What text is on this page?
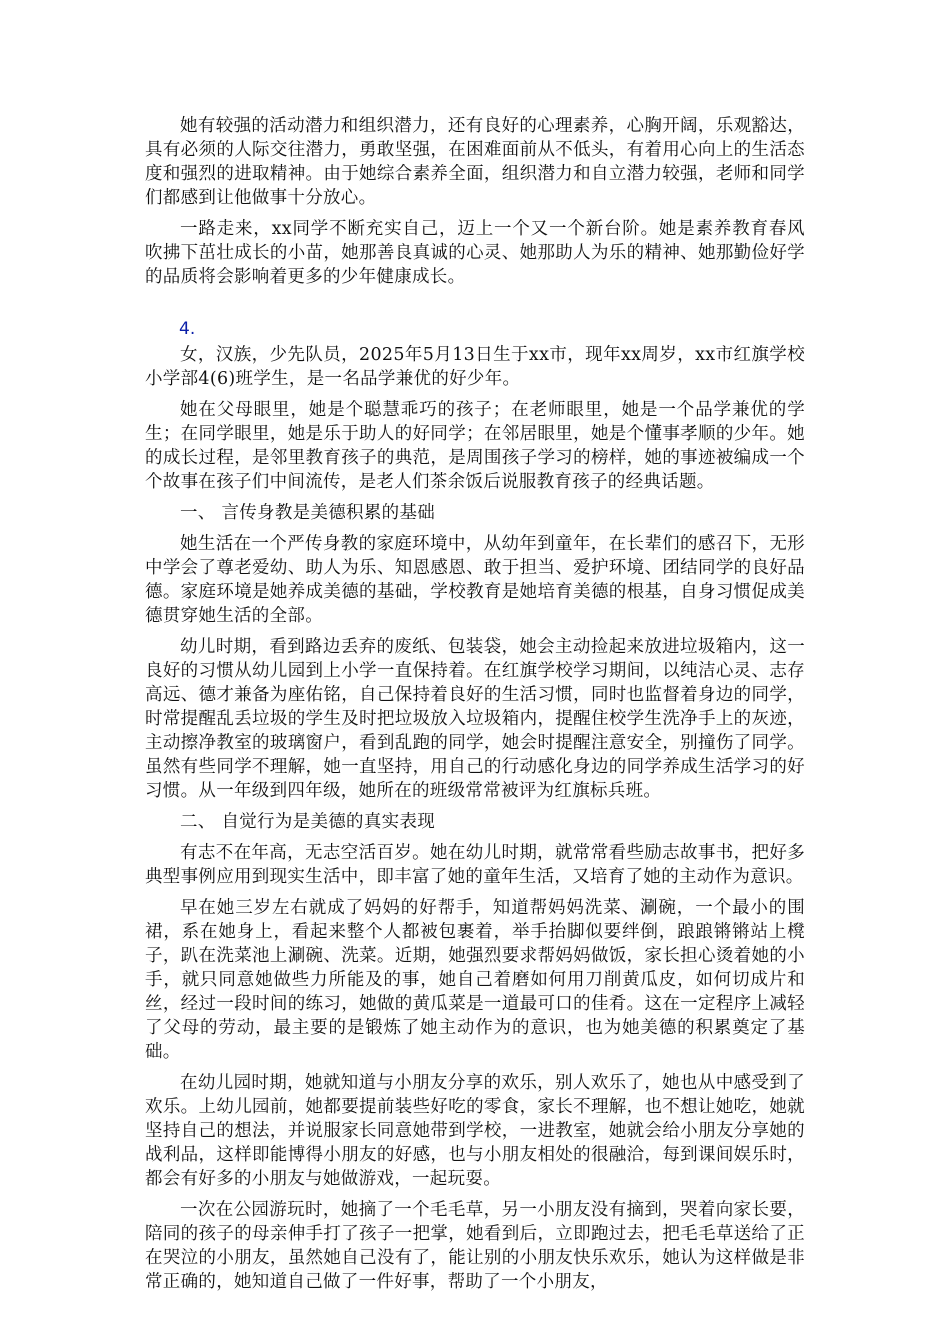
她有较强的活动潜力和组织潜力，还有良好的心理素养，心胸开阔，乐观豁达，具有必须的人际交往潜力，勇敢坚强，在困难面前从不低头，有着用心向上的生活态度和强烈的进取精神。由于她综合素养全面，组织潜力和自立潜力较强，老师和同学们都感到让他做事十分放心。

一路走来，xx同学不断充实自己，迈上一个又一个新台阶。她是素养教育春风吹拂下茁壮成长的小苗，她那善良真诚的心灵、她那助人为乐的精神、她那勤俭好学的品质将会影响着更多的少年健康成长。

4.

女，汉族，少先队员，2025年5月13日生于xx市，现年xx周岁，xx市红旗学校小学部4(6)班学生，是一名品学兼优的好少年。

她在父母眼里，她是个聪慧乖巧的孩子；在老师眼里，她是一个品学兼优的学生；在同学眼里，她是乐于助人的好同学；在邻居眼里，她是个懂事孝顺的少年。她的成长过程，是邻里教育孩子的典范，是周围孩子学习的榜样，她的事迹被编成一个个故事在孩子们中间流传，是老人们茶余饭后说服教育孩子的经典话题。

一、 言传身教是美德积累的基础

她生活在一个严传身教的家庭环境中，从幼年到童年，在长辈们的感召下，无形中学会了尊老爱幼、助人为乐、知恩感恩、敢于担当、爱护环境、团结同学的良好品德。家庭环境是她养成美德的基础，学校教育是她培育美德的根基，自身习惯促成美德贯穿她生活的全部。

幼儿时期，看到路边丢弃的废纸、包装袋，她会主动捡起来放进垃圾箱内，这一良好的习惯从幼儿园到上小学一直保持着。在红旗学校学习期间，以纯洁心灵、志存高远、德才兼备为座佑铭，自己保持着良好的生活习惯，同时也监督着身边的同学，时常提醒乱丢垃圾的学生及时把垃圾放入垃圾箱内，提醒住校学生洗净手上的灰迹，主动擦净教室的玻璃窗户，看到乱跑的同学，她会时提醒注意安全，别撞伤了同学。虽然有些同学不理解，她一直坚持，用自己的行动感化身边的同学养成生活学习的好习惯。从一年级到四年级，她所在的班级常常被评为红旗标兵班。

二、 自觉行为是美德的真实表现

有志不在年高，无志空活百岁。她在幼儿时期，就常常看些励志故事书，把好多典型事例应用到现实生活中，即丰富了她的童年生活，又培育了她的主动作为意识。

早在她三岁左右就成了妈妈的好帮手，知道帮妈妈洗菜、涮碗，一个最小的围裙，系在她身上，看起来整个人都被包裹着，举手抬脚似要绊倒，踉踉锵锵站上櫈子，趴在洗菜池上涮碗、洗菜。近期，她强烈要求帮妈妈做饭，家长担心烫着她的小手，就只同意她做些力所能及的事，她自己着磨如何用刀削黄瓜皮，如何切成片和丝，经过一段时间的练习，她做的黄瓜菜是一道最可口的佳肴。这在一定程序上减轻了父母的劳动，最主要的是锻炼了她主动作为的意识，也为她美德的积累奠定了基础。

在幼儿园时期，她就知道与小朋友分享的欢乐，别人欢乐了，她也从中感受到了欢乐。上幼儿园前，她都要提前装些好吃的零食，家长不理解，也不想让她吃，她就坚持自己的想法，并说服家长同意她带到学校，一进教室，她就会给小朋友分享她的战利品，这样即能博得小朋友的好感，也与小朋友相处的很融洽，每到课间娱乐时，都会有好多的小朋友与她做游戏，一起玩耍。

一次在公园游玩时，她摘了一个毛毛草，另一小朋友没有摘到，哭着向家长要，陪同的孩子的母亲伸手打了孩子一把掌，她看到后，立即跑过去，把毛毛草送给了正在哭泣的小朋友，虽然她自己没有了，能让别的小朋友快乐欢乐，她认为这样做是非常正确的，她知道自己做了一件好事，帮助了一个小朋友，
